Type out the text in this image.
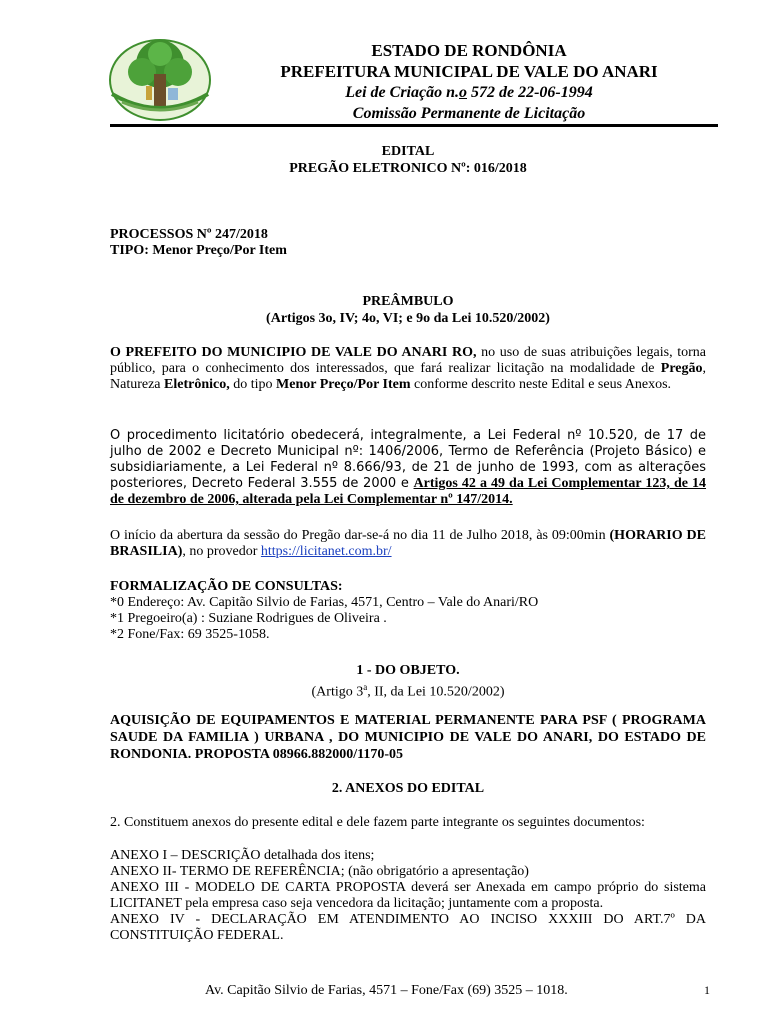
ESTADO DE RONDÔNIA
PREFEITURA MUNICIPAL DE VALE DO ANARI
Lei de Criação n.o 572 de 22-06-1994
Comissão Permanente de Licitação
EDITAL
PREGÃO ELETRONICO Nº: 016/2018
PROCESSOS Nº 247/2018
TIPO: Menor Preço/Por Item
PREÂMBULO
(Artigos 3o, IV; 4o, VI; e 9o da Lei 10.520/2002)
O PREFEITO DO MUNICIPIO DE VALE DO ANARI RO, no uso de suas atribuições legais, torna público, para o conhecimento dos interessados, que fará realizar licitação na modalidade de Pregão, Natureza Eletrônico, do tipo Menor Preço/Por Item conforme descrito neste Edital e seus Anexos.
O procedimento licitatório obedecerá, integralmente, a Lei Federal nº 10.520, de 17 de julho de 2002 e Decreto Municipal nº: 1406/2006, Termo de Referência (Projeto Básico) e subsidiariamente, a Lei Federal nº 8.666/93, de 21 de junho de 1993, com as alterações posteriores, Decreto Federal 3.555 de 2000 e Artigos 42 a 49 da Lei Complementar 123, de 14 de dezembro de 2006, alterada pela Lei Complementar nº 147/2014.
O início da abertura da sessão do Pregão dar-se-á no dia 11 de Julho 2018, às 09:00min (HORARIO DE BRASILIA), no provedor https://licitanet.com.br/
FORMALIZAÇÃO DE CONSULTAS:
*0 Endereço: Av. Capitão Silvio de Farias, 4571, Centro – Vale do Anari/RO
*1 Pregoeiro(a) : Suziane Rodrigues de Oliveira .
*2 Fone/Fax: 69 3525-1058.
1 - DO OBJETO.
(Artigo 3$^a$, II, da Lei 10.520/2002)
AQUISIÇÃO DE EQUIPAMENTOS E MATERIAL PERMANENTE PARA PSF ( PROGRAMA SAUDE DA FAMILIA ) URBANA , DO MUNICIPIO DE VALE DO ANARI, DO ESTADO DE RONDONIA. PROPOSTA 08966.882000/1170-05
2. ANEXOS DO EDITAL
2. Constituem anexos do presente edital e dele fazem parte integrante os seguintes documentos:
ANEXO I – DESCRIÇÃO detalhada dos itens;
ANEXO II- TERMO DE REFERÊNCIA; (não obrigatório a apresentação)
ANEXO III - MODELO DE CARTA PROPOSTA deverá ser Anexada em campo próprio do sistema LICITANET pela empresa caso seja vencedora da licitação; juntamente com a proposta.
ANEXO IV - DECLARAÇÃO EM ATENDIMENTO AO INCISO XXXIII DO ART.7º DA CONSTITUIÇÃO FEDERAL.
Av. Capitão Silvio de Farias, 4571 – Fone/Fax (69) 3525 – 1018.	1
